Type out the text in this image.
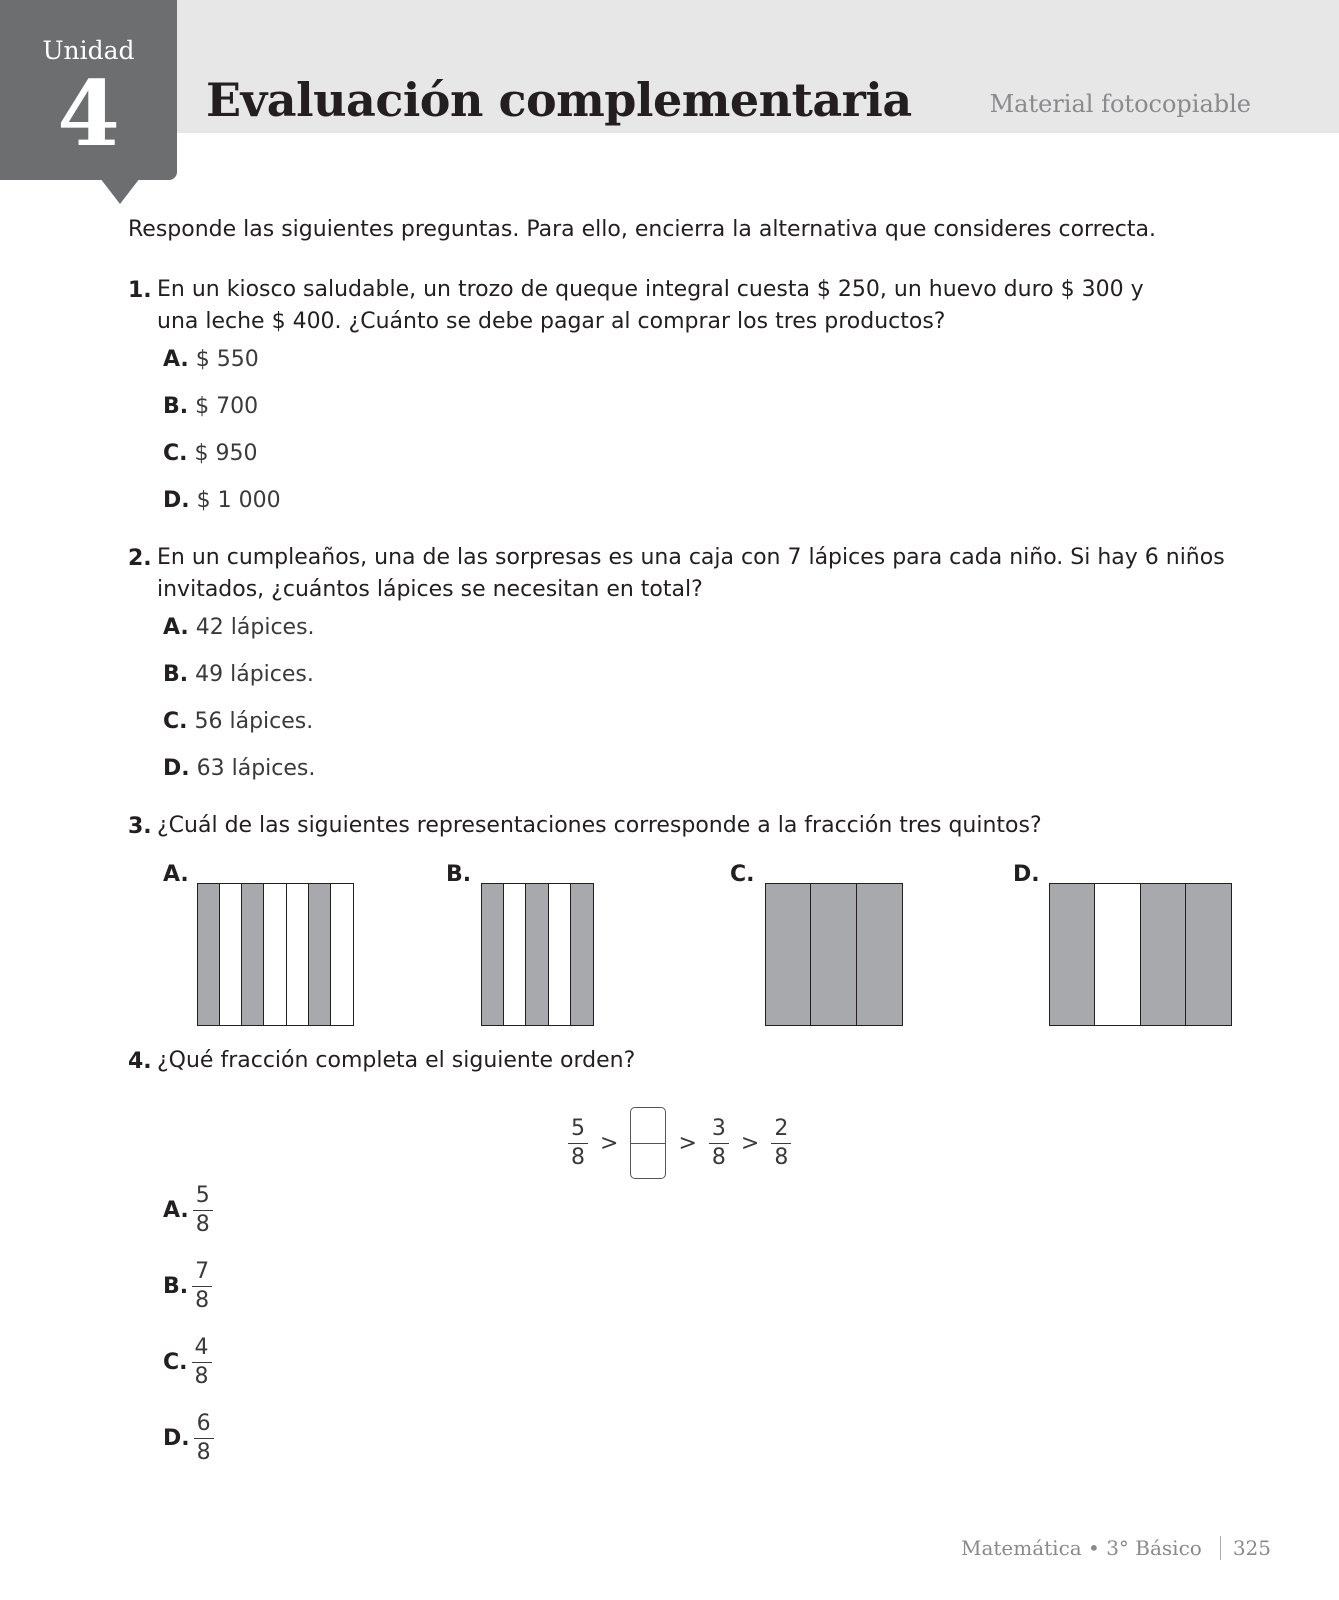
Unidad
4	Evaluación complementaria	Material fotocopiable
Responde las siguientes preguntas. Para ello, encierra la alternativa que consideres correcta.
1. En un kiosco saludable, un trozo de queque integral cuesta $ 250, un huevo duro $ 300 y
una leche $ 400. ¿Cuánto se debe pagar al comprar los tres productos?
A. $ 550
B. $ 700
C. $ 950
D. $ 1 000
2. En un cumpleaños, una de las sorpresas es una caja con 7 lápices para cada niño. Si hay 6 niños
invitados, ¿cuántos lápices se necesitan en total?
A. 42 lápices.
B. 49 lápices.
C. 56 lápices.
D. 63 lápices.
3. ¿Cuál de las siguientes representaciones corresponde a la fracción tres quintos?
A.	B.	C.	D.
4. ¿Qué fracción completa el siguiente orden?
$\frac{5}{8}$ >	> $\frac{3}{8} > \frac{2}{8}$
A. $\frac{5}{8}$
B. $\frac{7}{8}$
C. $\frac{4}{8}$
D. $\frac{6}{8}$
Matemática • 3° Básico 325
